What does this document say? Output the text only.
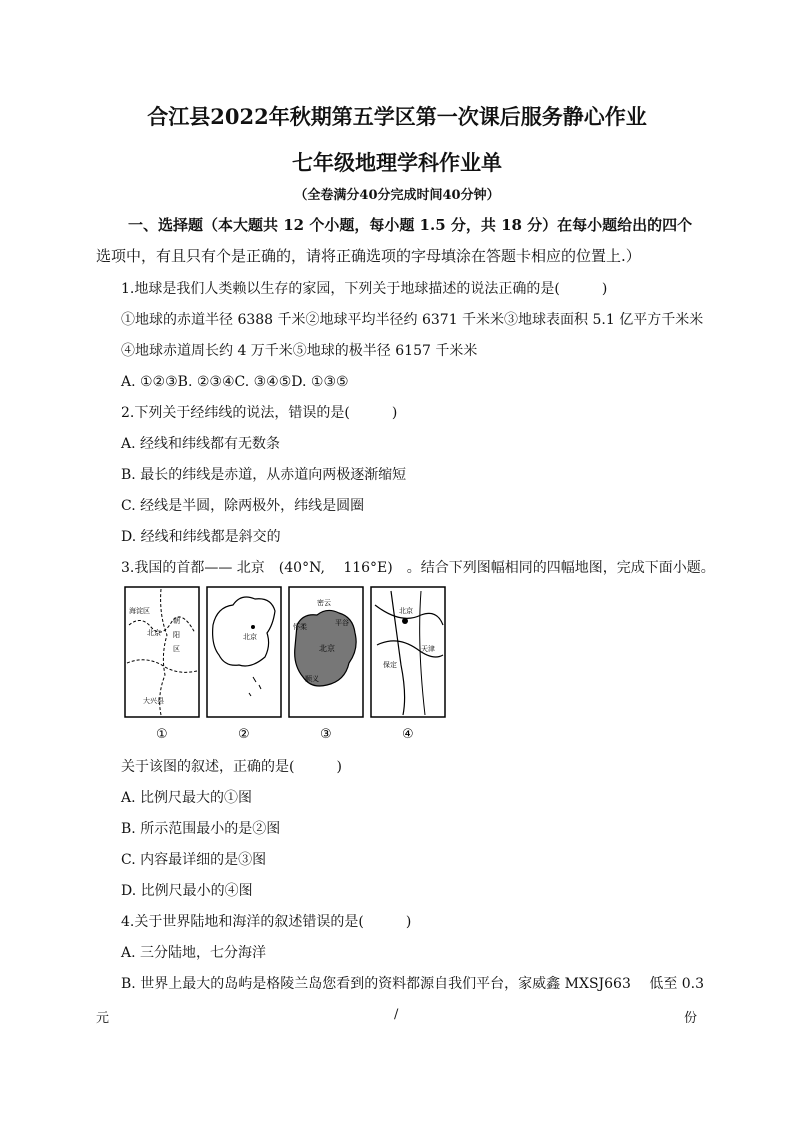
合江县2022年秋期第五学区第一次课后服务静心作业
七年级地理学科作业单
（全卷满分40分完成时间40分钟）
一、选择题（本大题共 12 个小题，每小题 1.5 分，共 18 分）在每小题给出的四个
选项中，有且只有个是正确的，请将正确选项的字母填涂在答题卡相应的位置上.）
1.地球是我们人类赖以生存的家园，下列关于地球描述的说法正确的是(　　　)
①地球的赤道半径 6388 千米②地球平均半径约 6371 千米米③地球表面积 5.1 亿平方千米米
④地球赤道周长约 4 万千米⑤地球的极半径 6157 千米米
A. ①②③B. ②③④C. ③④⑤D. ①③⑤
2.下列关于经纬线的说法，错误的是(　　　)
A. 经线和纬线都有无数条
B. 最长的纬线是赤道，从赤道向两极逐渐缩短
C. 经线是半圆，除两极外，纬线是圆圈
D. 经线和纬线都是斜交的
3.我国的首都—— 北京　(40°N,　 116°E)　。结合下列图幅相同的四幅地图，完成下面小题。
海淀区
北京
朝
阳
区
大兴县
北京
密云
怀柔
北京
平谷
顺义
北京
保定
天津
①	②	③	④
关于该图的叙述，正确的是(　　　)
A. 比例尺最大的①图
B. 所示范围最小的是②图
C. 内容最详细的是③图
D. 比例尺最小的④图
4.关于世界陆地和海洋的叙述错误的是(　　　)
A. 三分陆地，七分海洋
B. 世界上最大的岛屿是格陵兰岛您看到的资料都源自我们平台，家威鑫 MXSJ663　 低至 0.3
元	/	份
